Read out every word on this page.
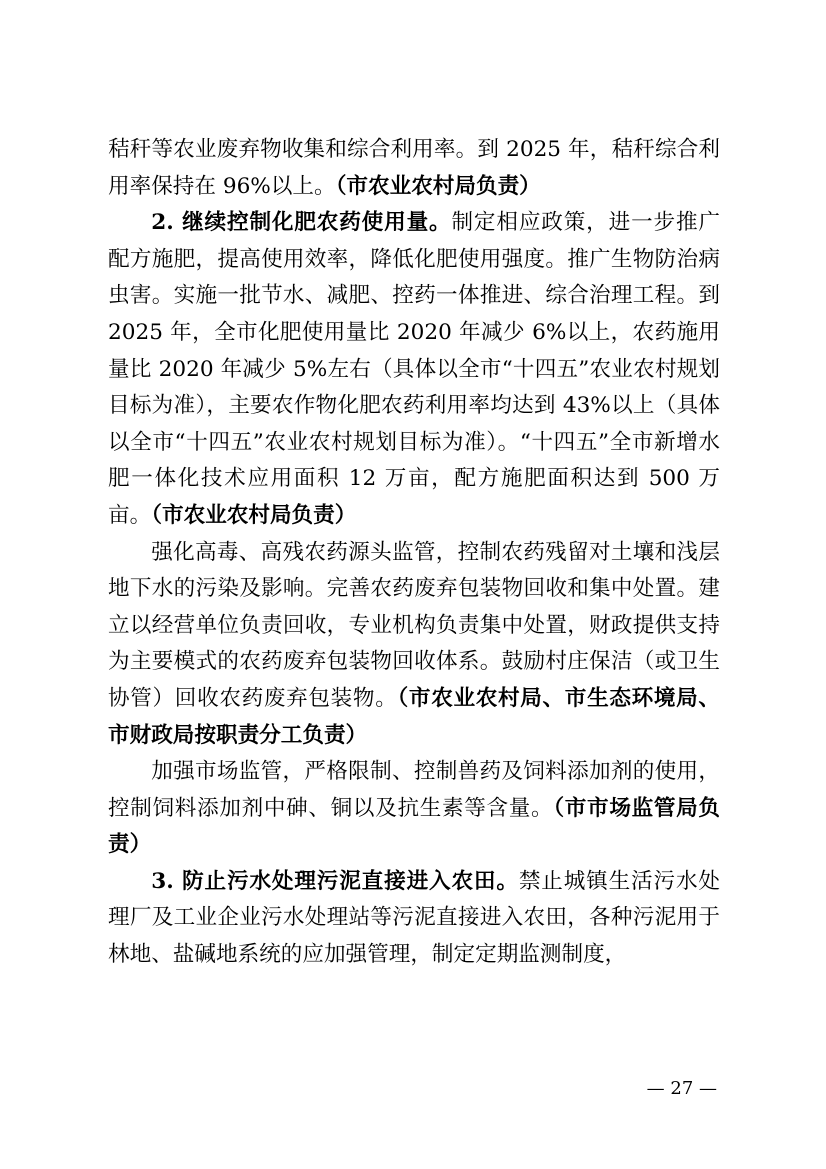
秸秆等农业废弃物收集和综合利用率。到 2025 年，秸秆综合利用率保持在 96%以上。（市农业农村局负责）

2. 继续控制化肥农药使用量。制定相应政策，进一步推广配方施肥，提高使用效率，降低化肥使用强度。推广生物防治病虫害。实施一批节水、减肥、控药一体推进、综合治理工程。到 2025 年，全市化肥使用量比 2020 年减少 6%以上，农药施用量比 2020 年减少 5%左右（具体以全市“十四五”农业农村规划目标为准），主要农作物化肥农药利用率均达到 43%以上（具体以全市“十四五”农业农村规划目标为准）。“十四五”全市新增水肥一体化技术应用面积 12 万亩，配方施肥面积达到 500 万亩。（市农业农村局负责）

强化高毒、高残农药源头监管，控制农药残留对土壤和浅层地下水的污染及影响。完善农药废弃包装物回收和集中处置。建立以经营单位负责回收，专业机构负责集中处置，财政提供支持为主要模式的农药废弃包装物回收体系。鼓励村庄保洁（或卫生协管）回收农药废弃包装物。（市农业农村局、市生态环境局、市财政局按职责分工负责）

加强市场监管，严格限制、控制兽药及饲料添加剂的使用，控制饲料添加剂中砷、铜以及抗生素等含量。（市市场监管局负责）

3. 防止污水处理污泥直接进入农田。禁止城镇生活污水处理厂及工业企业污水处理站等污泥直接进入农田，各种污泥用于林地、盐碱地系统的应加强管理，制定定期监测制度，

— 27 —
